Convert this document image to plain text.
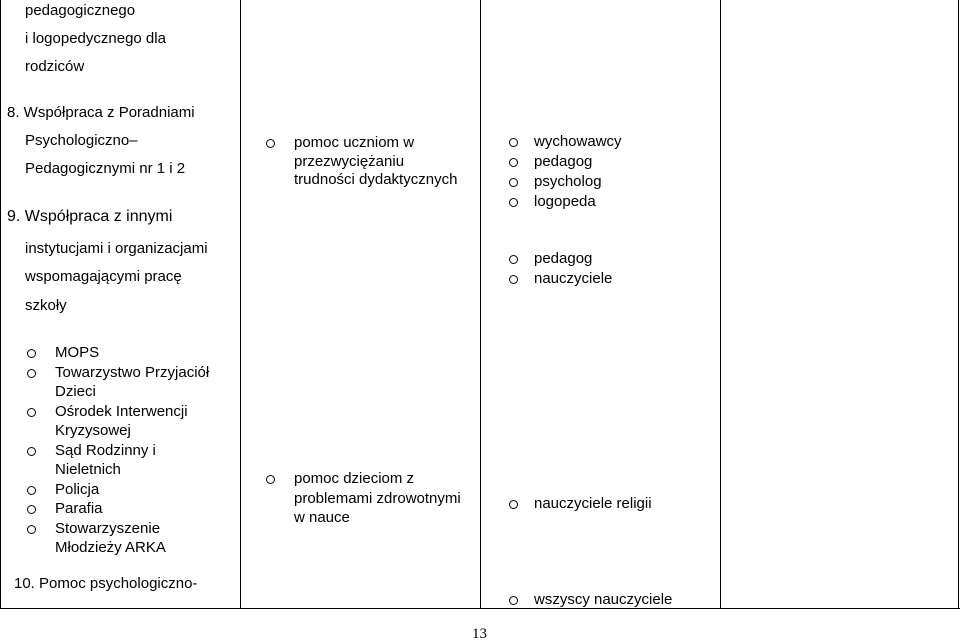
pedagogicznego
i logopedycznego dla
rodziców
8. Współpraca z Poradniami
Psychologiczno–
Pedagogicznymi nr 1 i 2
9. Współpraca z innymi
instytucjami i organizacjami
wspomagającymi pracę
szkoły
MOPS
Towarzystwo Przyjaciół
Dzieci
Ośrodek Interwencji
Kryzysowej
Sąd Rodzinny i
Nieletnich
Policja
Parafia
Stowarzyszenie
Młodzieży ARKA
10. Pomoc psychologiczno-
pomoc uczniom w
przezwyciężaniu
trudności dydaktycznych
pomoc dzieciom z
problemami zdrowotnymi
w nauce
wychowawcy
pedagog
psycholog
logopeda
pedagog
nauczyciele
nauczyciele religii
wszyscy nauczyciele
13
